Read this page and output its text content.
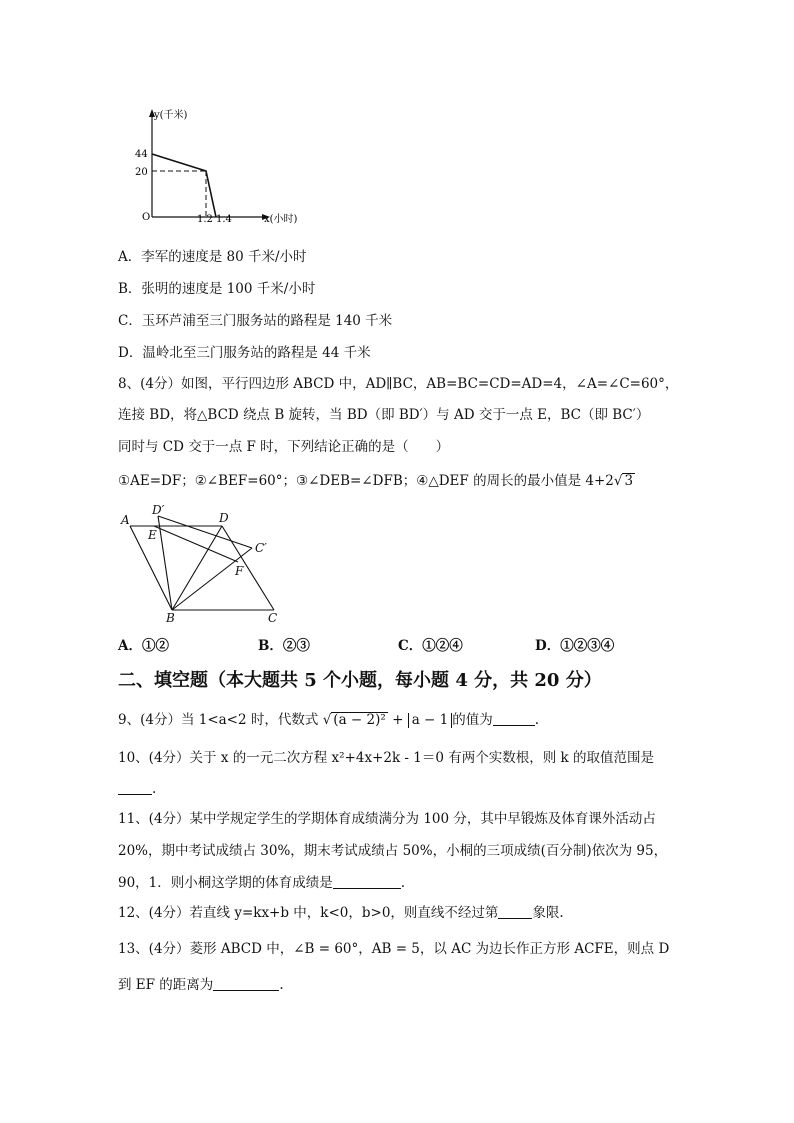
y(千米)
44
20
O	1.2 1.4	x(小时)
A．李军的速度是 80 千米/小时
B．张明的速度是 100 千米/小时
C．玉环芦浦至三门服务站的路程是 140 千米
D．温岭北至三门服务站的路程是 44 千米
8、(4分）如图，平行四边形 ABCD 中，AD∥BC，AB=BC=CD=AD=4，∠A=∠C=60°，
连接 BD，将△BCD 绕点 B 旋转，当 BD（即 BD′）与 AD 交于一点 E，BC（即 BC′）
同时与 CD 交于一点 F 时，下列结论正确的是（　　）
①AE=DF；②∠BEF=60°；③∠DEB=∠DFB；④△DEF 的周长的最小值是 4+2√ 3
A
D′
D
E
C′
F
B	C
A．①②	B．②③	C．①②④	D．①②③④
二、填空题（本大题共 5 个小题，每小题 4 分，共 20 分）
9、(4分）当 1<a<2 时，代数式 √ (a − 2)² + a − 1 的值为	.
10、(4分）关于 x 的一元二次方程 x²+4x+2k - 1＝0 有两个实数根，则 k 的取值范围是
.
11、(4分）某中学规定学生的学期体育成绩满分为 100 分，其中早锻炼及体育课外活动占
20%，期中考试成绩占 30%，期末考试成绩占 50%，小桐的三项成绩(百分制)依次为 95，
90，1．则小桐这学期的体育成绩是	.
12、(4分）若直线 y=kx+b 中，k<0，b>0，则直线不经过第	象限.
13、(4分）菱形 ABCD 中，∠B = 60°，AB = 5，以 AC 为边长作正方形 ACFE，则点 D
到 EF 的距离为	.
